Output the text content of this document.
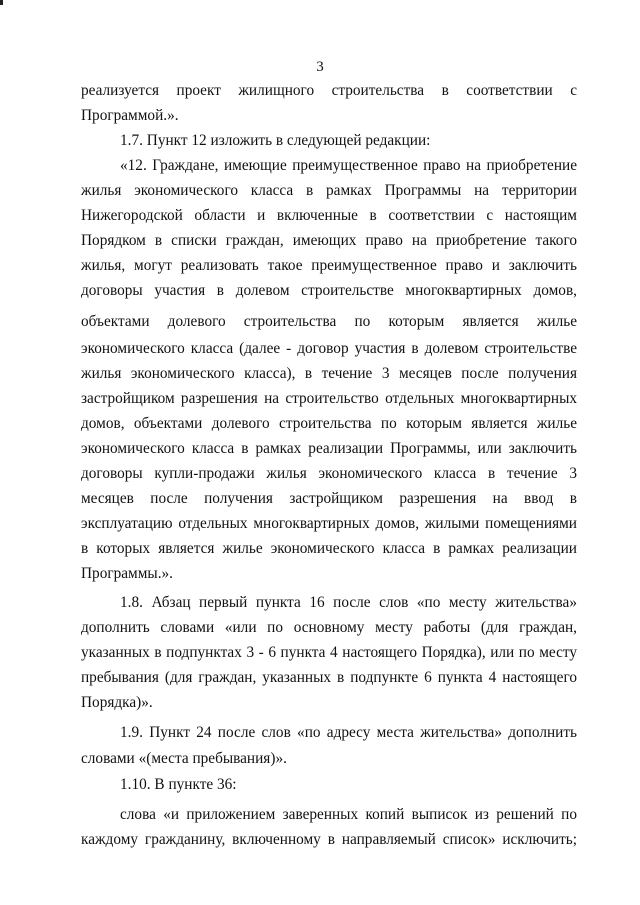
3
реализуется проект жилищного строительства в соответствии с
Программой.».
1.7. Пункт 12 изложить в следующей редакции:
«12. Граждане, имеющие преимущественное право на приобретение
жилья экономического класса в рамках Программы на территории
Нижегородской области и включенные в соответствии с настоящим
Порядком в списки граждан, имеющих право на приобретение такого
жилья, могут реализовать такое преимущественное право и заключить
договоры участия в долевом строительстве многоквартирных домов,
объектами долевого строительства по которым является жилье
экономического класса (далее - договор участия в долевом строительстве
жилья экономического класса), в течение 3 месяцев после получения
застройщиком разрешения на строительство отдельных многоквартирных
домов, объектами долевого строительства по которым является жилье
экономического класса в рамках реализации Программы, или заключить
договоры купли-продажи жилья экономического класса в течение 3
месяцев после получения застройщиком разрешения на ввод в
эксплуатацию отдельных многоквартирных домов, жилыми помещениями
в которых является жилье экономического класса в рамках реализации
Программы.».
1.8. Абзац первый пункта 16 после слов «по месту жительства»
дополнить словами «или по основному месту работы (для граждан,
указанных в подпунктах 3 - 6 пункта 4 настоящего Порядка), или по месту
пребывания (для граждан, указанных в подпункте 6 пункта 4 настоящего
Порядка)».
1.9. Пункт 24 после слов «по адресу места жительства» дополнить
словами «(места пребывания)».
1.10. В пункте 36:
слова «и приложением заверенных копий выписок из решений по
каждому гражданину, включенному в направляемый список» исключить;
